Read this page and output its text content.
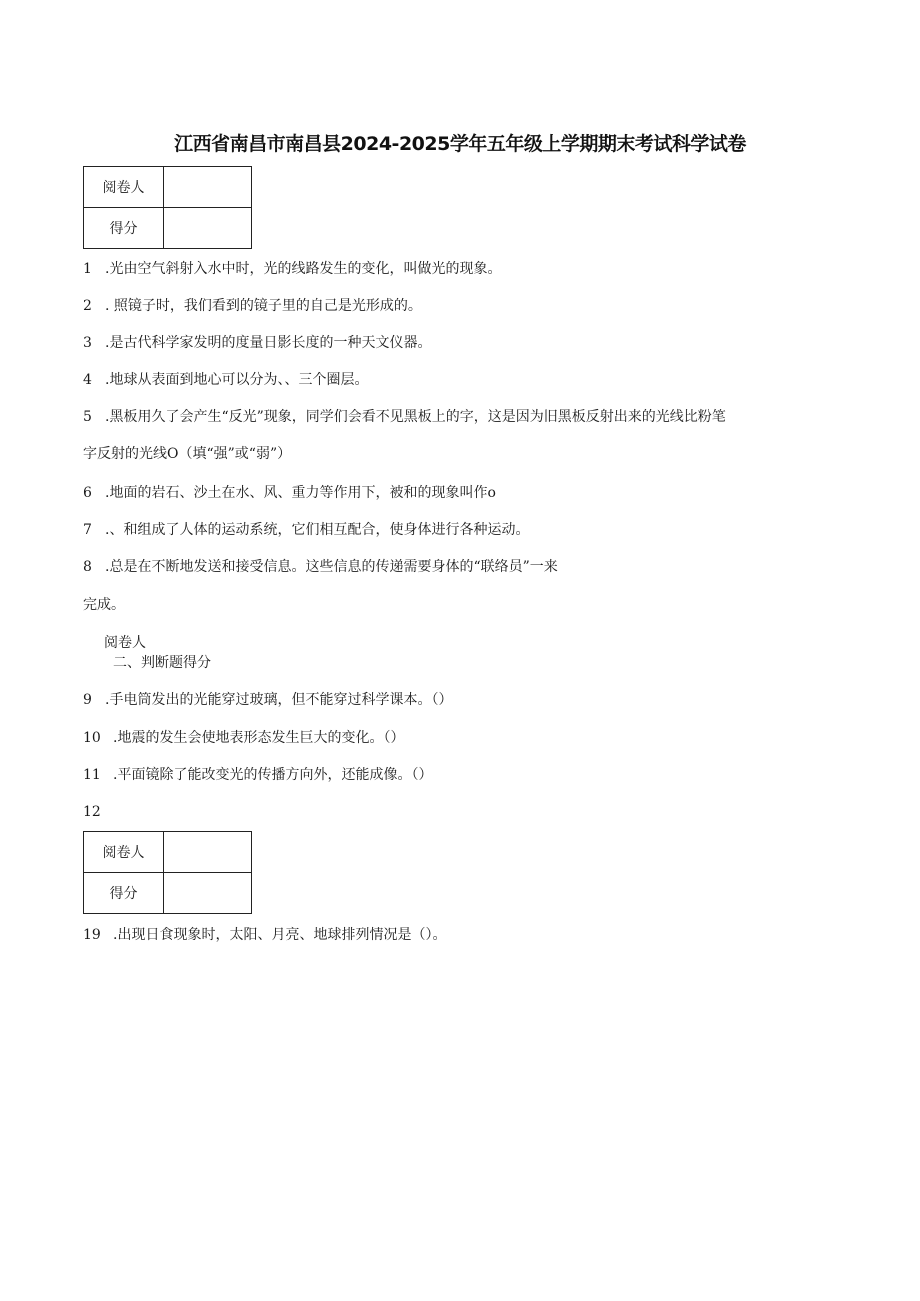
江西省南昌市南昌县2024-2025学年五年级上学期期末考试科学试卷
阅卷人	
得分	
1 .光由空气斜射入水中时，光的线路发生的变化，叫做光的现象。
2 . 照镜子时，我们看到的镜子里的自己是光形成的。
3 .是古代科学家发明的度量日影长度的一种天文仪器。
4 .地球从表面到地心可以分为、、三个圈层。
5 .黑板用久了会产生“反光”现象，同学们会看不见黑板上的字，这是因为旧黑板反射出来的光线比粉笔
字反射的光线O（填“强”或“弱”）
6 .地面的岩石、沙土在水、风、重力等作用下，被和的现象叫作o
7 .、和组成了人体的运动系统，它们相互配合，使身体进行各种运动。
8 .总是在不断地发送和接受信息。这些信息的传递需要身体的“联络员”一来
完成。
阅卷人
二、判断题得分
9 .手电筒发出的光能穿过玻璃，但不能穿过科学课本。（）
10 .地震的发生会使地表形态发生巨大的变化。（）
11 .平面镜除了能改变光的传播方向外，还能成像。（）
12
阅卷人	
得分	
19 .出现日食现象时，太阳、月亮、地球排列情况是（）。
